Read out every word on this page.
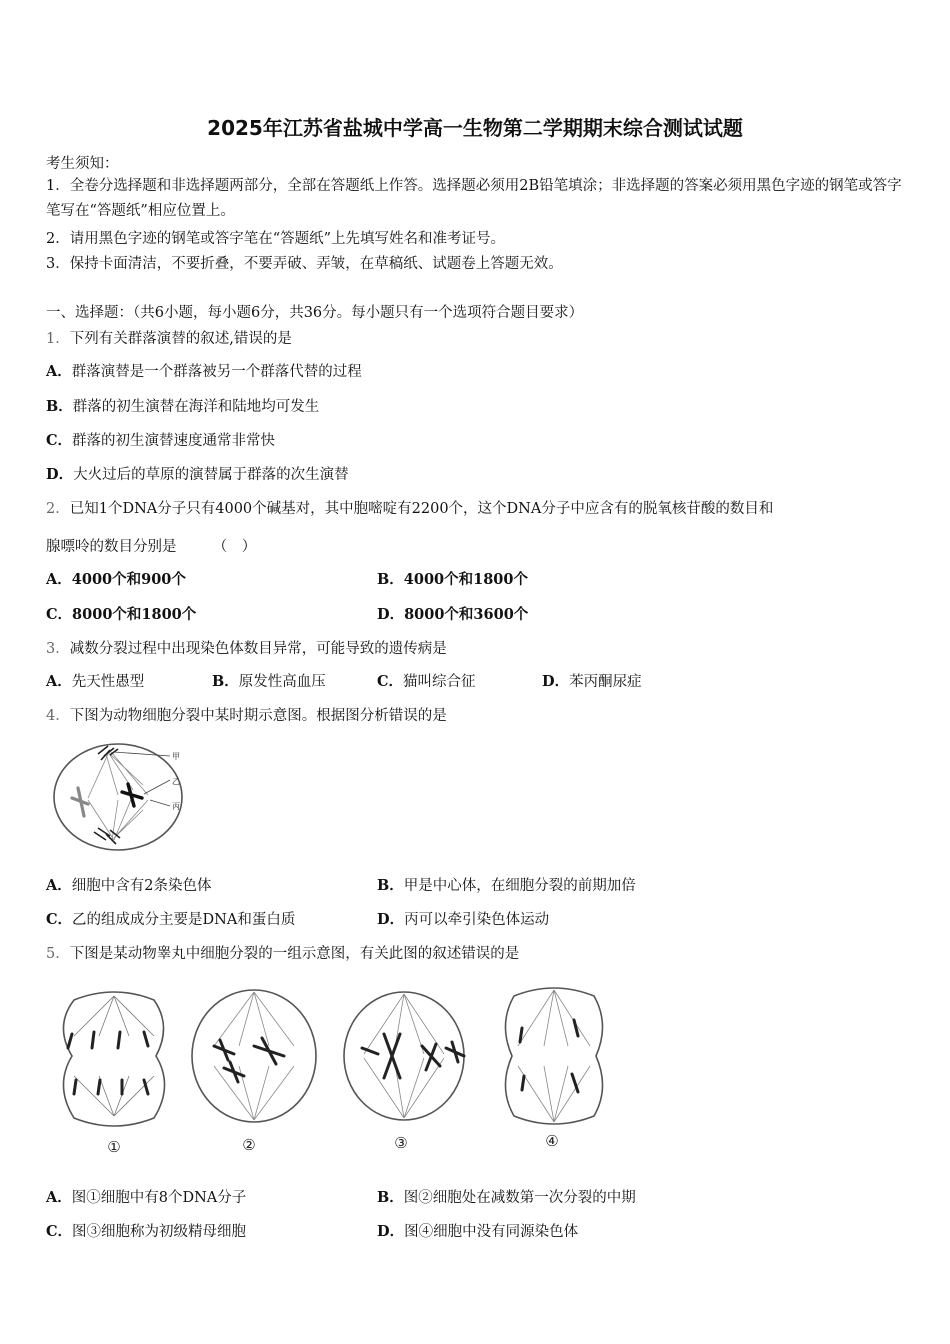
2025年江苏省盐城中学高一生物第二学期期末综合测试试题
考生须知：
1．全卷分选择题和非选择题两部分，全部在答题纸上作答。选择题必须用2B铅笔填涂；非选择题的答案必须用黑色字迹的钢笔或答字笔写在“答题纸”相应位置上。
2．请用黑色字迹的钢笔或答字笔在“答题纸”上先填写姓名和准考证号。
3．保持卡面清洁，不要折叠，不要弄破、弄皱，在草稿纸、试题卷上答题无效。
一、选择题：（共6小题，每小题6分，共36分。每小题只有一个选项符合题目要求）
1．下列有关群落演替的叙述,错误的是
A．群落演替是一个群落被另一个群落代替的过程
B．群落的初生演替在海洋和陆地均可发生
C．群落的初生演替速度通常非常快
D．大火过后的草原的演替属于群落的次生演替
2．已知1个DNA分子只有4000个碱基对，其中胞嘧啶有2200个，这个DNA分子中应含有的脱氧核苷酸的数目和
腺嘌呤的数目分别是　　　（　）
A．4000个和900个	B．4000个和1800个
C．8000个和1800个	D．8000个和3600个
3．减数分裂过程中出现染色体数目异常，可能导致的遗传病是
A．先天性愚型	B．原发性高血压	C．猫叫综合征	D．苯丙酮尿症
4．下图为动物细胞分裂中某时期示意图。根据图分析错误的是
甲
乙
丙
A．细胞中含有2条染色体	B．甲是中心体，在细胞分裂的前期加倍
C．乙的组成成分主要是DNA和蛋白质	D．丙可以牵引染色体运动
5．下图是某动物睾丸中细胞分裂的一组示意图，有关此图的叙述错误的是
①	②	③	④
A．图①细胞中有8个DNA分子	B．图②细胞处在减数第一次分裂的中期
C．图③细胞称为初级精母细胞	D．图④细胞中没有同源染色体
